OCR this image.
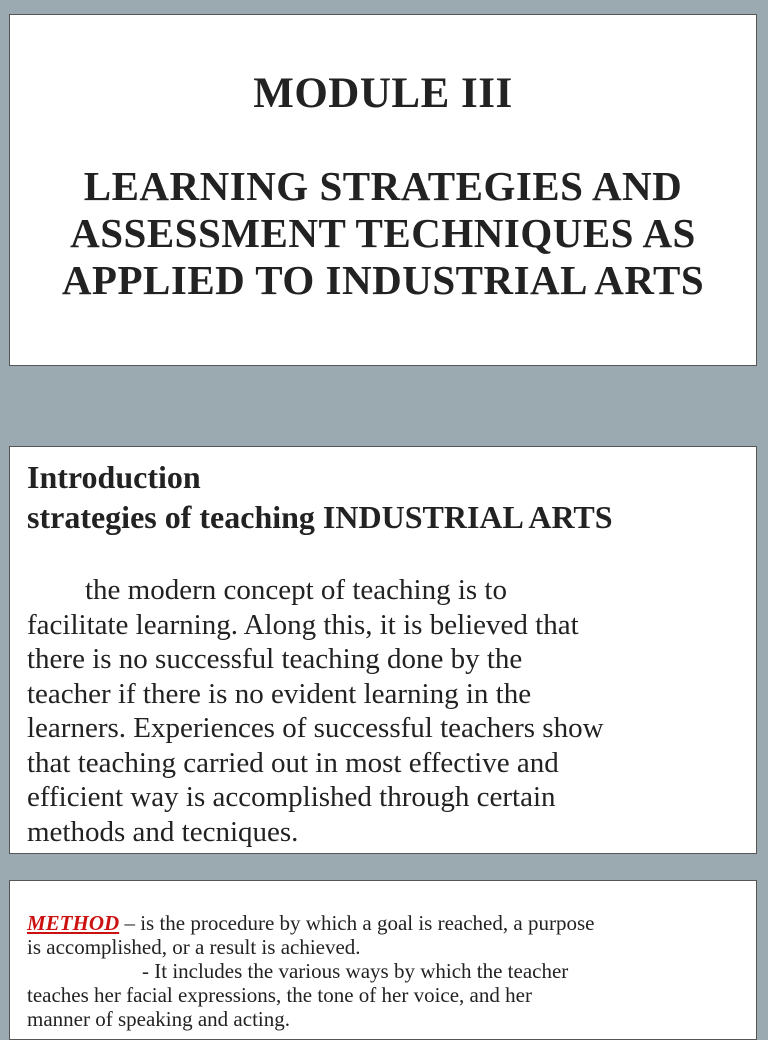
MODULE III
LEARNING STRATEGIES AND
ASSESSMENT TECHNIQUES AS
APPLIED TO INDUSTRIAL ARTS
Introduction
strategies of teaching INDUSTRIAL ARTS

the modern concept of teaching is to
facilitate learning. Along this, it is believed that
there is no successful teaching done by the
teacher if there is no evident learning in the
learners. Experiences of successful teachers show
that teaching carried out in most effective and
efficient way is accomplished through certain
methods and tecniques.

METHOD – is the procedure by which a goal is reached, a purpose
is accomplished, or a result is achieved.
- It includes the various ways by which the teacher
teaches her facial expressions, the tone of her voice, and her
manner of speaking and acting.
